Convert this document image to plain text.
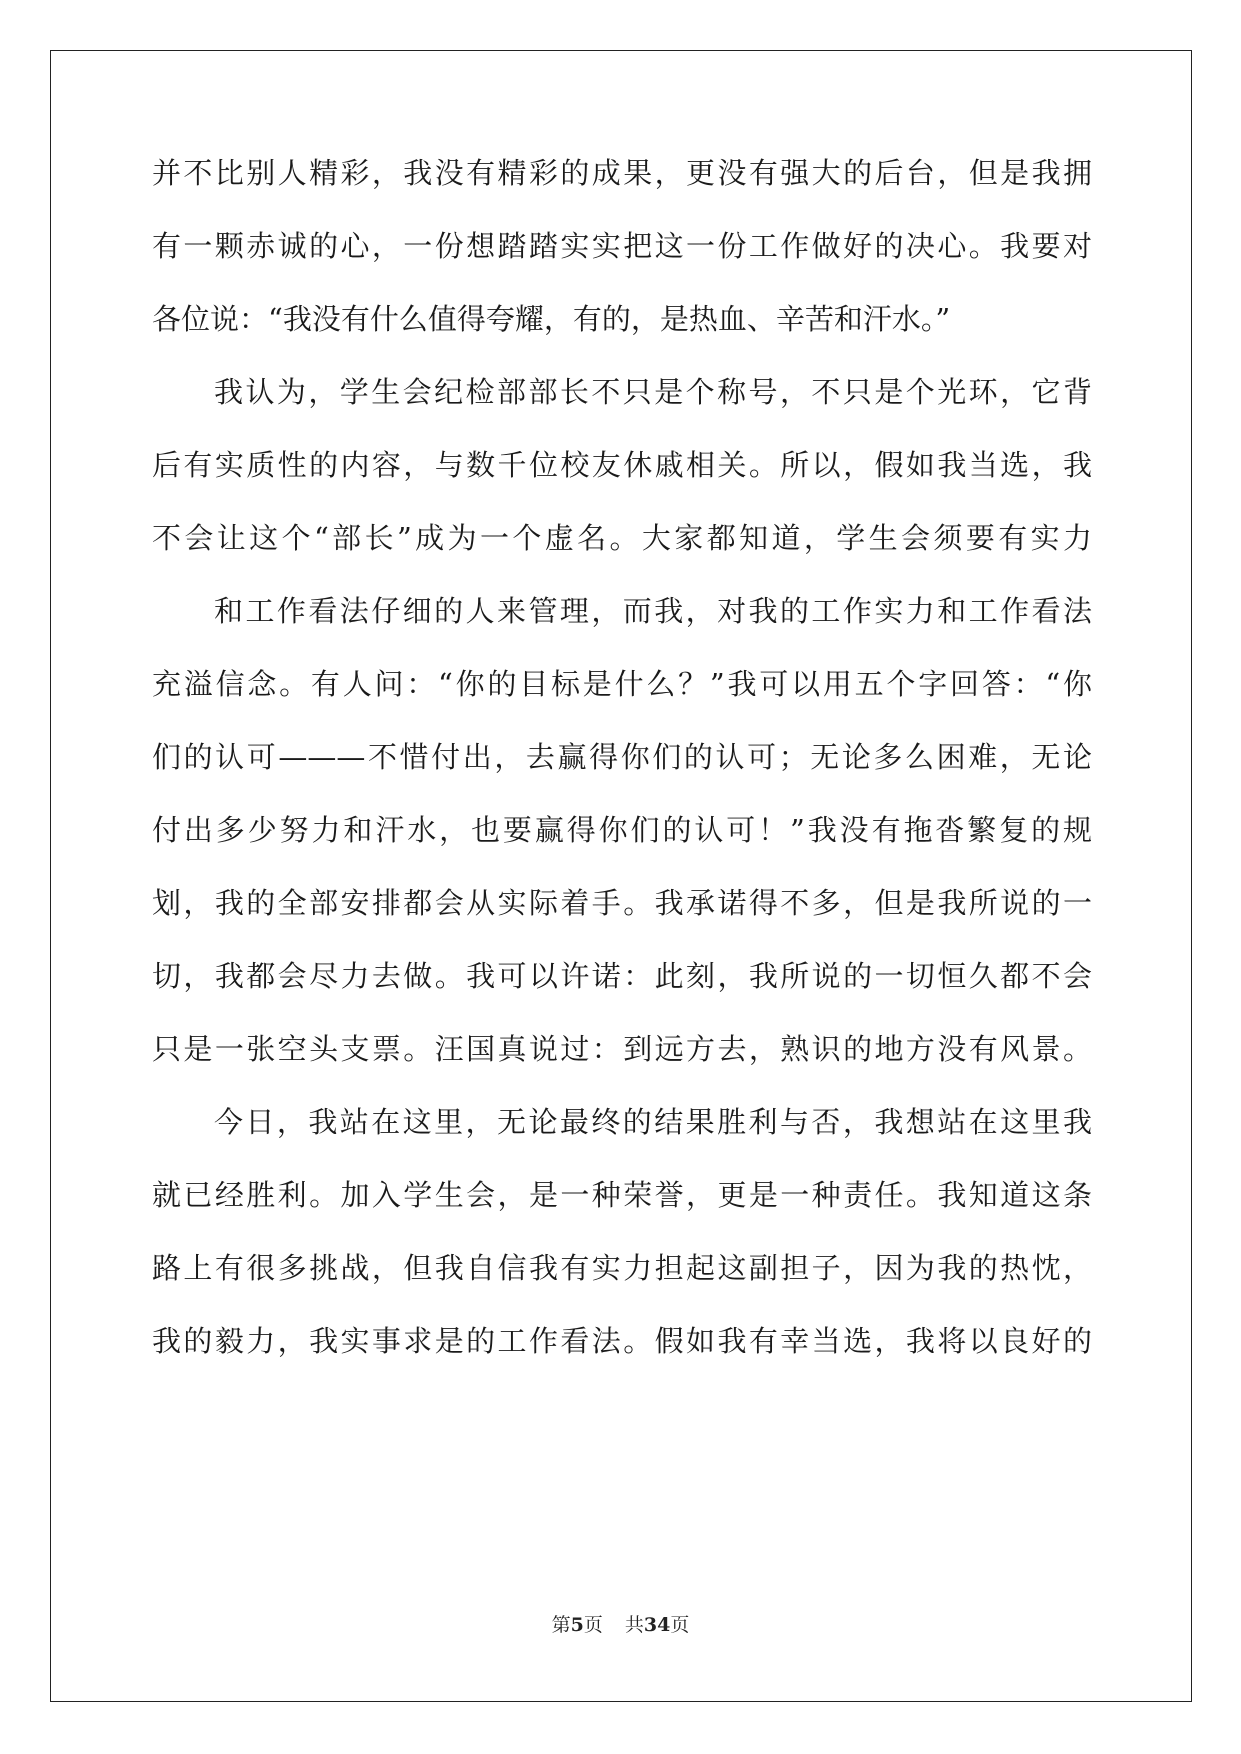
并不比别人精彩，我没有精彩的成果，更没有强大的后台，但是我拥
有一颗赤诚的心，一份想踏踏实实把这一份工作做好的决心。我要对
各位说：“我没有什么值得夸耀，有的，是热血、辛苦和汗水。”
我认为，学生会纪检部部长不只是个称号，不只是个光环，它背
后有实质性的内容，与数千位校友休戚相关。所以，假如我当选，我
不会让这个“部长”成为一个虚名。大家都知道，学生会须要有实力
和工作看法仔细的人来管理，而我，对我的工作实力和工作看法
充溢信念。有人问：“你的目标是什么？”我可以用五个字回答：“你
们的认可———不惜付出，去赢得你们的认可；无论多么困难，无论
付出多少努力和汗水，也要赢得你们的认可！”我没有拖沓繁复的规
划，我的全部安排都会从实际着手。我承诺得不多，但是我所说的一
切，我都会尽力去做。我可以许诺：此刻，我所说的一切恒久都不会
只是一张空头支票。汪国真说过：到远方去，熟识的地方没有风景。
今日，我站在这里，无论最终的结果胜利与否，我想站在这里我
就已经胜利。加入学生会，是一种荣誉，更是一种责任。我知道这条
路上有很多挑战，但我自信我有实力担起这副担子，因为我的热忱，
我的毅力，我实事求是的工作看法。假如我有幸当选，我将以良好的
第5页 共34页
